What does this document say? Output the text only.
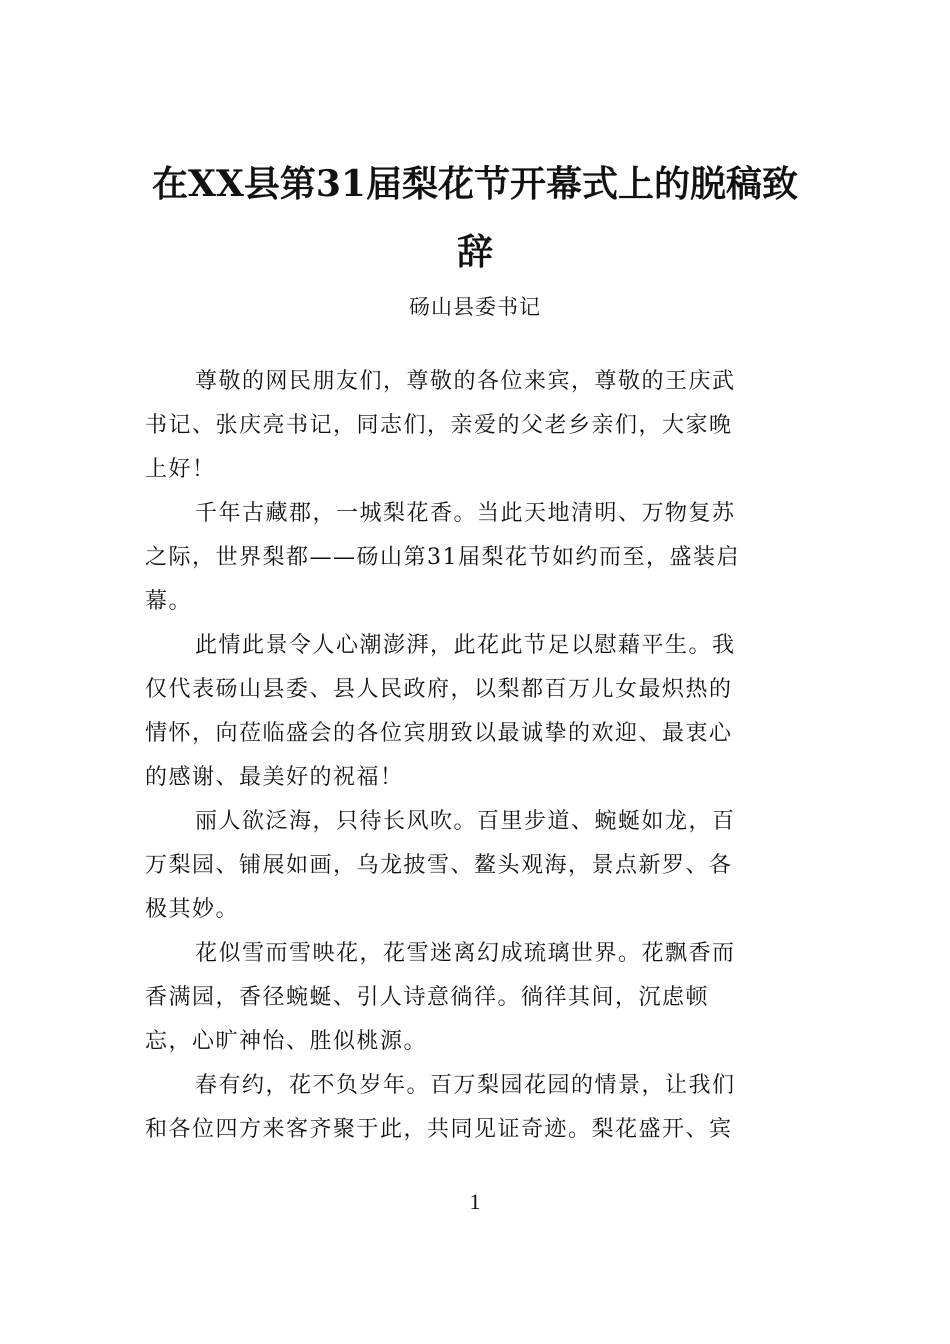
在XX县第31届梨花节开幕式上的脱稿致
辞
砀山县委书记

尊敬的网民朋友们，尊敬的各位来宾，尊敬的王庆武
书记、张庆亮书记，同志们，亲爱的父老乡亲们，大家晚
上好！

千年古藏郡，一城梨花香。当此天地清明、万物复苏
之际，世界梨都——砀山第31届梨花节如约而至，盛装启
幕。

此情此景令人心潮澎湃，此花此节足以慰藉平生。我
仅代表砀山县委、县人民政府，以梨都百万儿女最炽热的
情怀，向莅临盛会的各位宾朋致以最诚挚的欢迎、最衷心
的感谢、最美好的祝福！

丽人欲泛海，只待长风吹。百里步道、蜿蜒如龙，百
万梨园、铺展如画，乌龙披雪、鳌头观海，景点新罗、各
极其妙。

花似雪而雪映花，花雪迷离幻成琉璃世界。花飘香而
香满园，香径蜿蜒、引人诗意徜徉。徜徉其间，沉虑顿
忘，心旷神怡、胜似桃源。

春有约，花不负岁年。百万梨园花园的情景，让我们
和各位四方来客齐聚于此，共同见证奇迹。梨花盛开、宾

1
